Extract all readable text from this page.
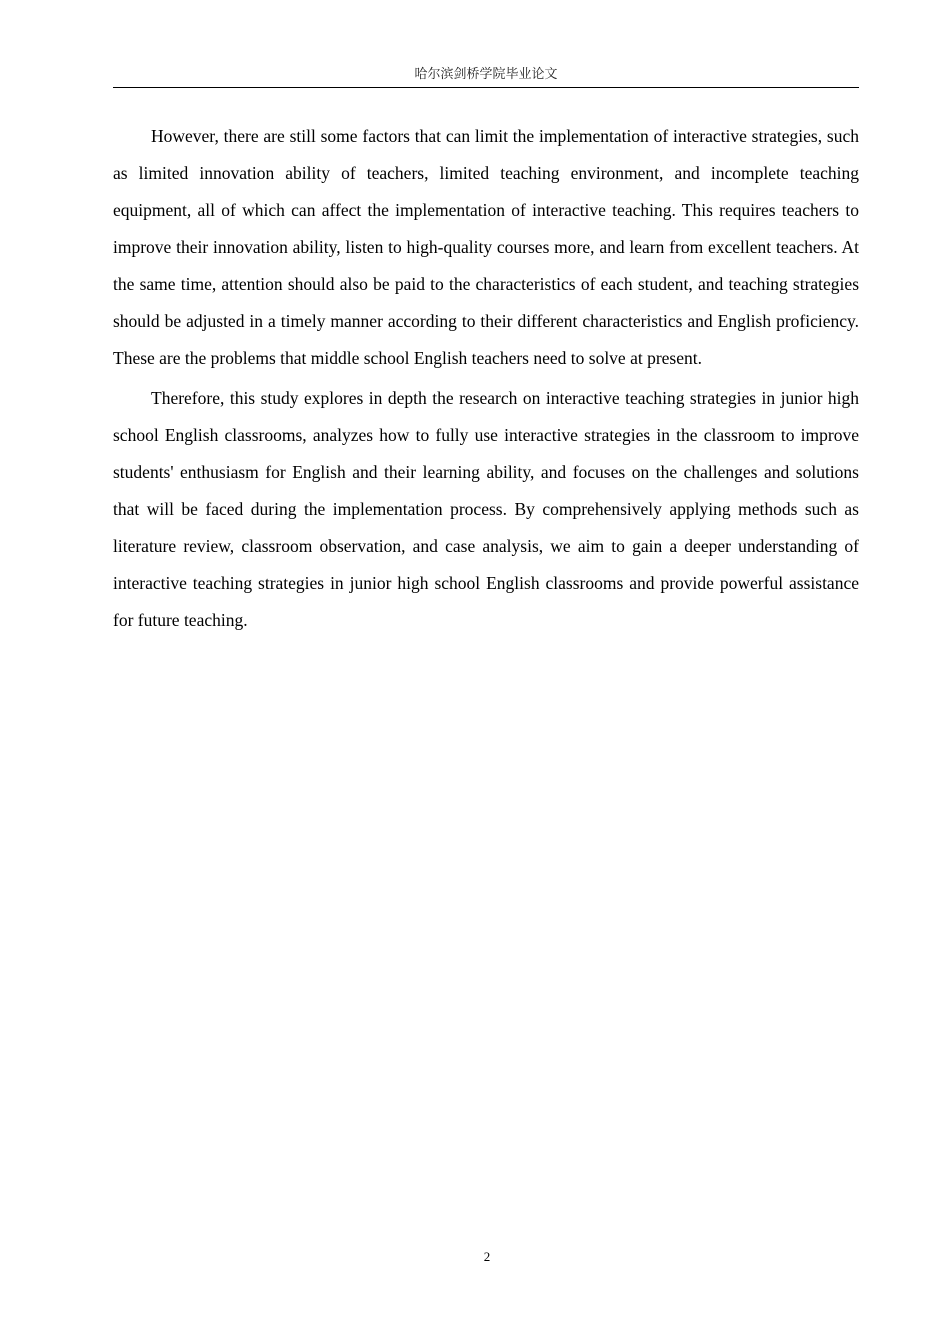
哈尔滨剑桥学院毕业论文

However, there are still some factors that can limit the implementation of interactive strategies, such as limited innovation ability of teachers, limited teaching environment, and incomplete teaching equipment, all of which can affect the implementation of interactive teaching. This requires teachers to improve their innovation ability, listen to high-quality courses more, and learn from excellent teachers. At the same time, attention should also be paid to the characteristics of each student, and teaching strategies should be adjusted in a timely manner according to their different characteristics and English proficiency. These are the problems that middle school English teachers need to solve at present.

Therefore, this study explores in depth the research on interactive teaching strategies in junior high school English classrooms, analyzes how to fully use interactive strategies in the classroom to improve students' enthusiasm for English and their learning ability, and focuses on the challenges and solutions that will be faced during the implementation process. By comprehensively applying methods such as literature review, classroom observation, and case analysis, we aim to gain a deeper understanding of interactive teaching strategies in junior high school English classrooms and provide powerful assistance for future teaching.

2
